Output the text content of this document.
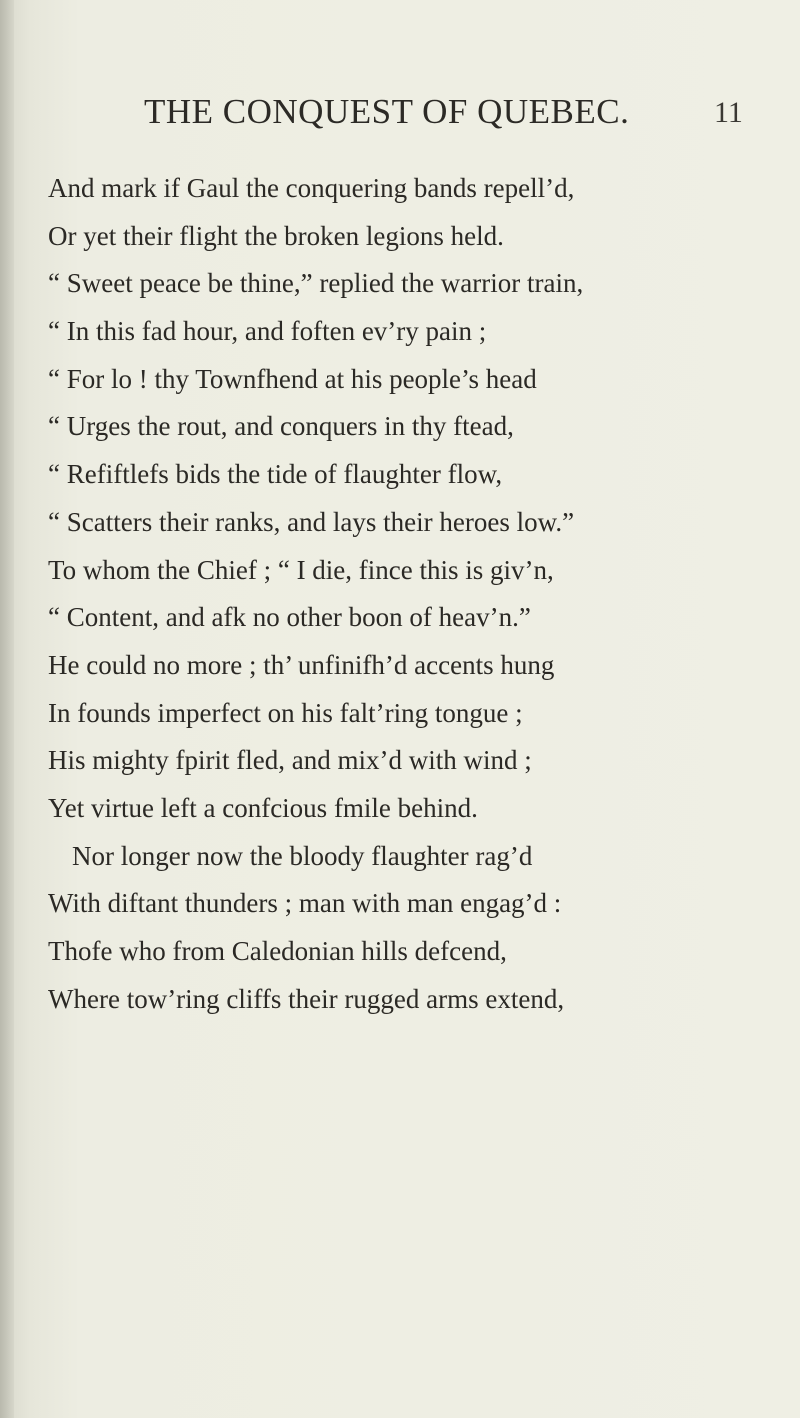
THE CONQUEST OF QUEBEC.	11
And mark if Gaul the conquering bands repell’d,
Or yet their flight the broken legions held.
“ Sweet peace be thine,” replied the warrior train,
“ In this fad hour, and foften ev’ry pain ;
“ For lo ! thy Townfhend at his people’s head
“ Urges the rout, and conquers in thy ftead,
“ Refiftlefs bids the tide of flaughter flow,
“ Scatters their ranks, and lays their heroes low.”
To whom the Chief ; “ I die, fince this is giv’n,
“ Content, and afk no other boon of heav’n.”
He could no more ; th’ unfinifh’d accents hung
In founds imperfect on his falt’ring tongue ;
His mighty fpirit fled, and mix’d with wind ;
Yet virtue left a confcious fmile behind.
Nor longer now the bloody flaughter rag’d
With diftant thunders ; man with man engag’d :
Thofe who from Caledonian hills defcend,
Where tow’ring cliffs their rugged arms extend,
